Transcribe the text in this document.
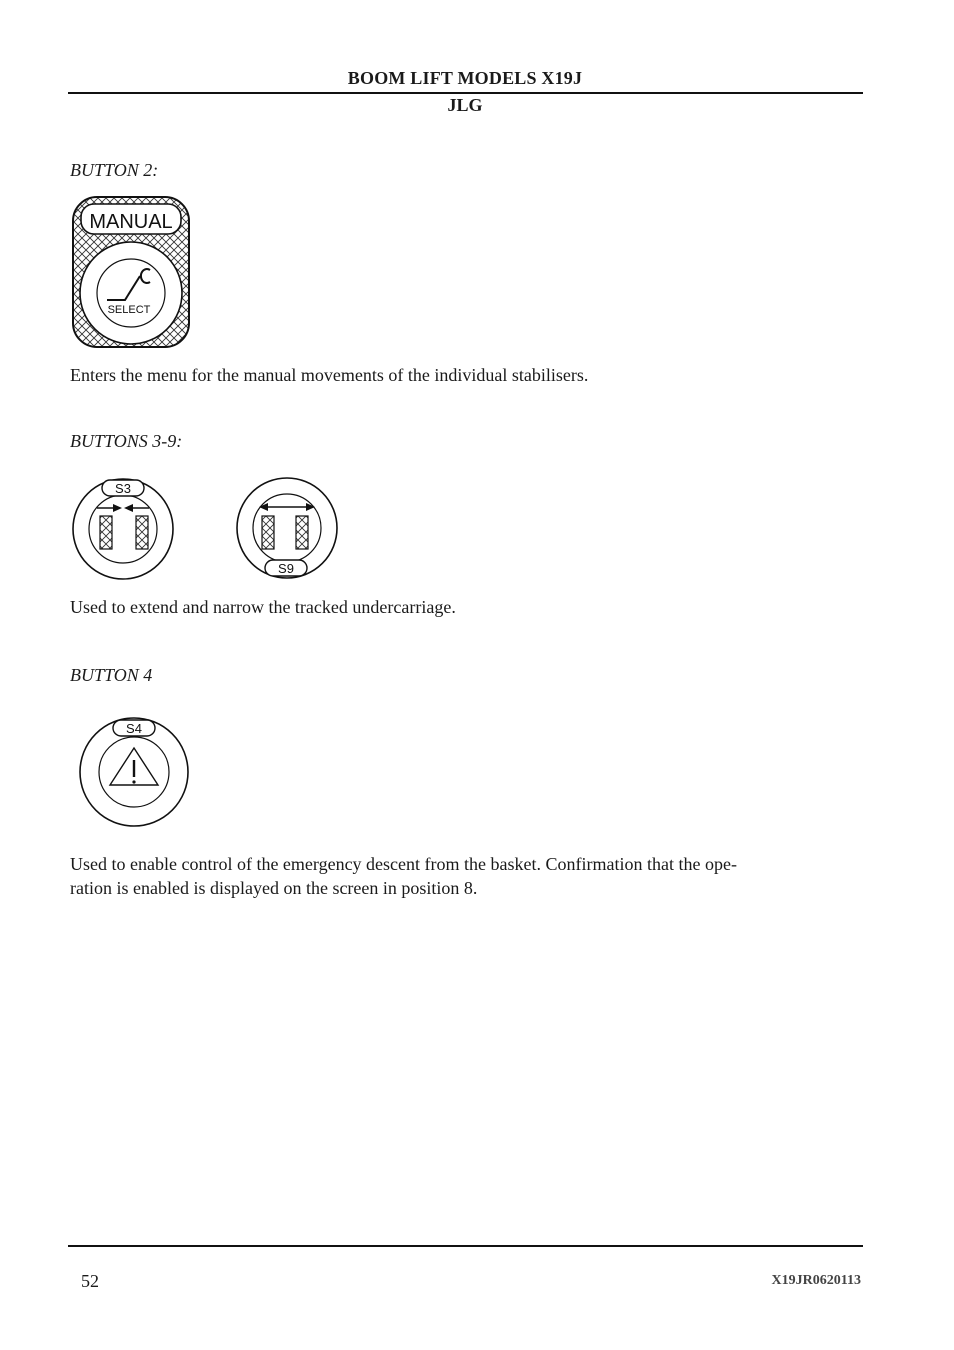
BOOM LIFT MODELS X19J
JLG
BUTTON 2:
MANUAL
SELECT
Enters the menu for the manual movements of the individual stabilisers.
BUTTONS 3-9:
S3
S9
Used to extend and narrow the tracked undercarriage.
BUTTON 4
S4
Used to enable control of the emergency descent from the basket. Confirmation that the ope-
ration is enabled is displayed on the screen in position 8.
52	X19JR0620113
